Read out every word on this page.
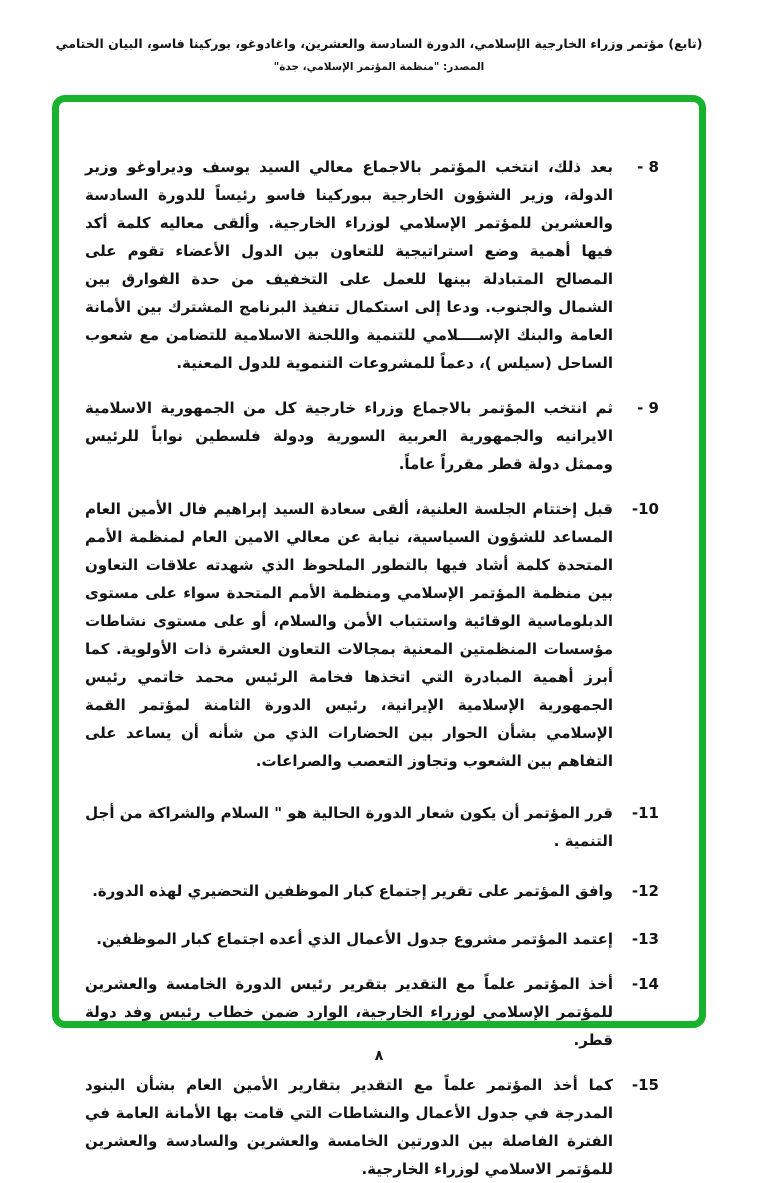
(تابع) مؤتمر وزراء الخارجية الإسلامي، الدورة السادسة والعشرين، واغادوغو، بوركينا فاسو، البيان الختامي
المصدر: "منظمة المؤتمر الإسلامي، جدة"
- 8
بعد ذلك، انتخب المؤتمر بالاجماع معالي السيد يوسف وديراوغو وزير الدولة، وزير الشؤون الخارجية ببوركينا فاسو رئيساً للدورة السادسة والعشرين للمؤتمر الإسلامي لوزراء الخارجية. وألقى معاليه كلمة أكد فيها أهمية وضع استراتيجية للتعاون بين الدول الأعضاء تقوم على المصالح المتبادلة بينها للعمل على التخفيف من حدة الفوارق بين الشمال والجنوب. ودعا إلى استكمال تنفيذ البرنامج المشترك بين الأمانة العامة والبنك الإســــلامي للتنمية واللجنة الاسلامية للتضامن مع شعوب الساحل (سيلس )، دعماً للمشروعات التنموية للدول المعنية.
- 9
ثم انتخب المؤتمر بالاجماع وزراء خارجية كل من الجمهورية الاسلامية الايرانيه والجمهورية العربية السورية ودولة فلسطين نواباً للرئيس وممثل دولة قطر مقرراً عاماً.
-10
قبل إختتام الجلسة العلنية، ألقى سعادة السيد إبراهيم فال الأمين العام المساعد للشؤون السياسية، نيابة عن معالي الامين العام لمنظمة الأمم المتحدة كلمة أشاد فيها بالتطور الملحوظ الذي شهدته علاقات التعاون بين منظمة المؤتمر الإسلامي ومنظمة الأمم المتحدة سواء على مستوى الدبلوماسية الوقائية واستتباب الأمن والسلام، أو على مستوى نشاطات مؤسسات المنظمتين المعنية بمجالات التعاون العشرة ذات الأولوية. كما أبرز أهمية المبادرة التي اتخذها فخامة الرئيس محمد خاتمي رئيس الجمهورية الإسلامية الإيرانية، رئيس الدورة الثامنة لمؤتمر القمة الإسلامي بشأن الحوار بين الحضارات الذي من شأنه أن يساعد على التفاهم بين الشعوب وتجاوز التعصب والصراعات.
-11
قرر المؤتمر أن يكون شعار الدورة الحالية هو " السلام والشراكة من أجل التنمية .
-12
وافق المؤتمر على تقرير إجتماع كبار الموظفين التحضيري لهذه الدورة.
-13
إعتمد المؤتمر مشروع جدول الأعمال الذي أعده اجتماع كبار الموظفين.
-14
أخذ المؤتمر علماً مع التقدير بتقرير رئيس الدورة الخامسة والعشرين للمؤتمر الإسلامي لوزراء الخارجية، الوارد ضمن خطاب رئيس وفد دولة قطر.
-15
كما أخذ المؤتمر علماً مع التقدير بتقارير الأمين العام بشأن البنود المدرجة في جدول الأعمال والنشاطات التي قامت بها الأمانة العامة في الفترة الفاصلة بين الدورتين الخامسة والعشرين والسادسة والعشرين للمؤتمر الاسلامي لوزراء الخارجية.
٨
